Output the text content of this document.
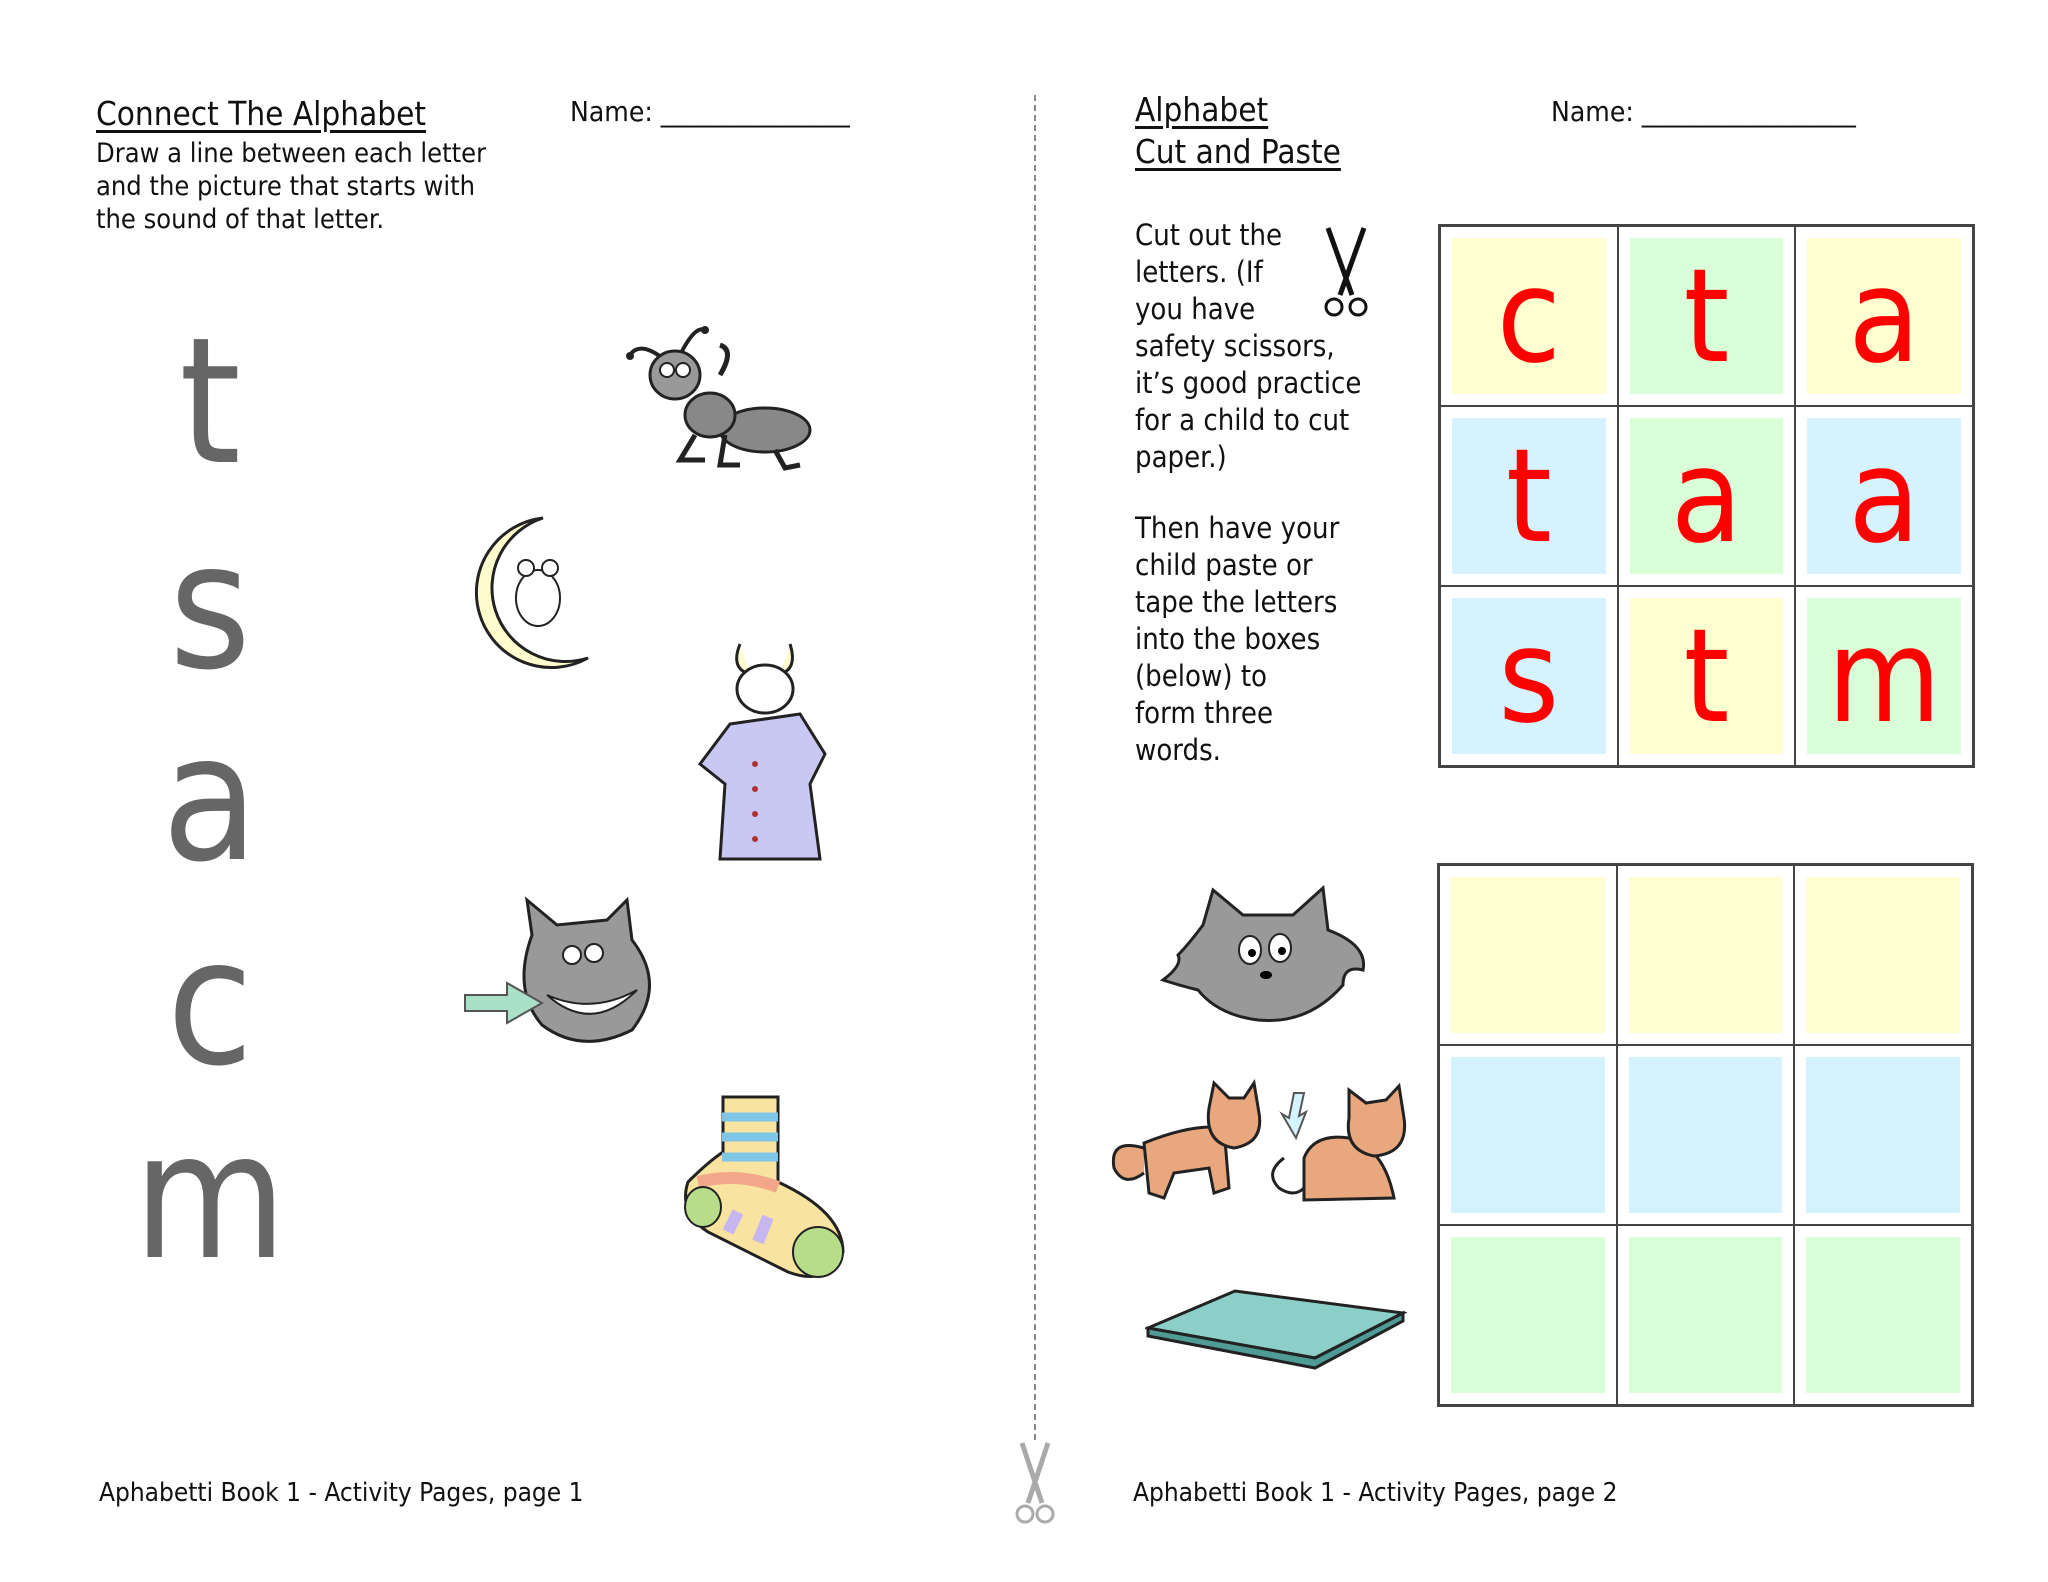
Connect The Alphabet	Name: _______________
Draw a line between each letter
and the picture that starts with
the sound of that letter.
t
s
a
c
m
Aphabetti Book 1 - Activity Pages, page 1
Alphabet
Cut and Paste
Name: _________________
Cut out the
letters. (If
you have
safety scissors,
it’s good practice
for a child to cut
paper.)
Then have your
child paste or
tape the letters
into the boxes
(below) to
form three
words.
c t a
t a a
s t m
Aphabetti Book 1 - Activity Pages, page 2
